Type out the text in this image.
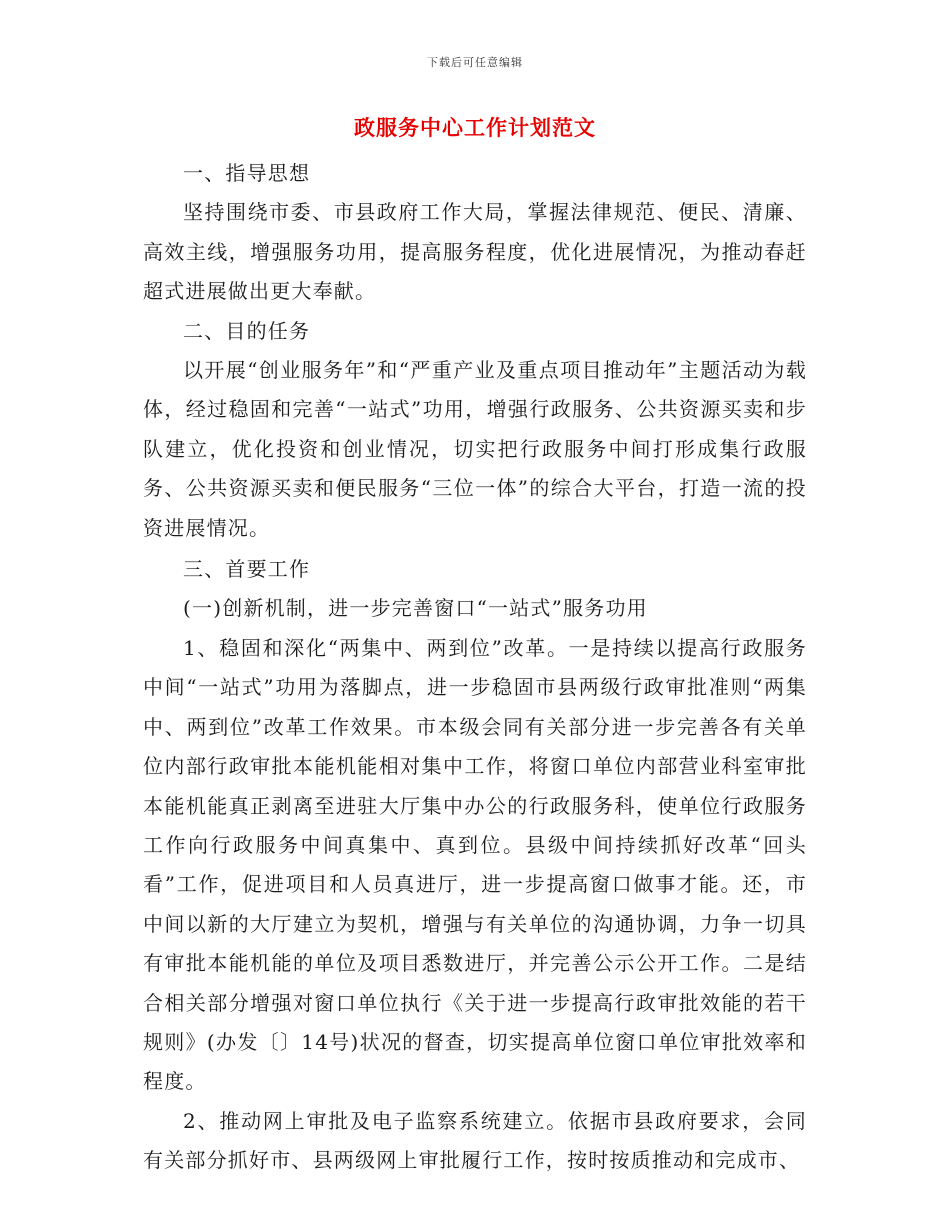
下载后可任意编辑
政服务中心工作计划范文

一、指导思想

坚持围绕市委、市县政府工作大局，掌握法律规范、便民、清廉、高效主线，增强服务功用，提高服务程度，优化进展情况，为推动春赶超式进展做出更大奉献。

二、目的任务

以开展“创业服务年”和“严重产业及重点项目推动年”主题活动为载体，经过稳固和完善“一站式”功用，增强行政服务、公共资源买卖和步队建立，优化投资和创业情况，切实把行政服务中间打形成集行政服务、公共资源买卖和便民服务“三位一体”的综合大平台，打造一流的投资进展情况。

三、首要工作

(一)创新机制，进一步完善窗口“一站式”服务功用

1、稳固和深化“两集中、两到位”改革。一是持续以提高行政服务中间“一站式”功用为落脚点，进一步稳固市县两级行政审批准则“两集中、两到位”改革工作效果。市本级会同有关部分进一步完善各有关单位内部行政审批本能机能相对集中工作，将窗口单位内部营业科室审批本能机能真正剥离至进驻大厅集中办公的行政服务科，使单位行政服务工作向行政服务中间真集中、真到位。县级中间持续抓好改革“回头看”工作，促进项目和人员真进厅，进一步提高窗口做事才能。还，市中间以新的大厅建立为契机，增强与有关单位的沟通协调，力争一切具有审批本能机能的单位及项目悉数进厅，并完善公示公开工作。二是结合相关部分增强对窗口单位执行《关于进一步提高行政审批效能的若干规则》(办发〔〕14号)状况的督查，切实提高单位窗口单位审批效率和程度。

2、推动网上审批及电子监察系统建立。依据市县政府要求，会同有关部分抓好市、县两级网上审批履行工作，按时按质推动和完成市、
